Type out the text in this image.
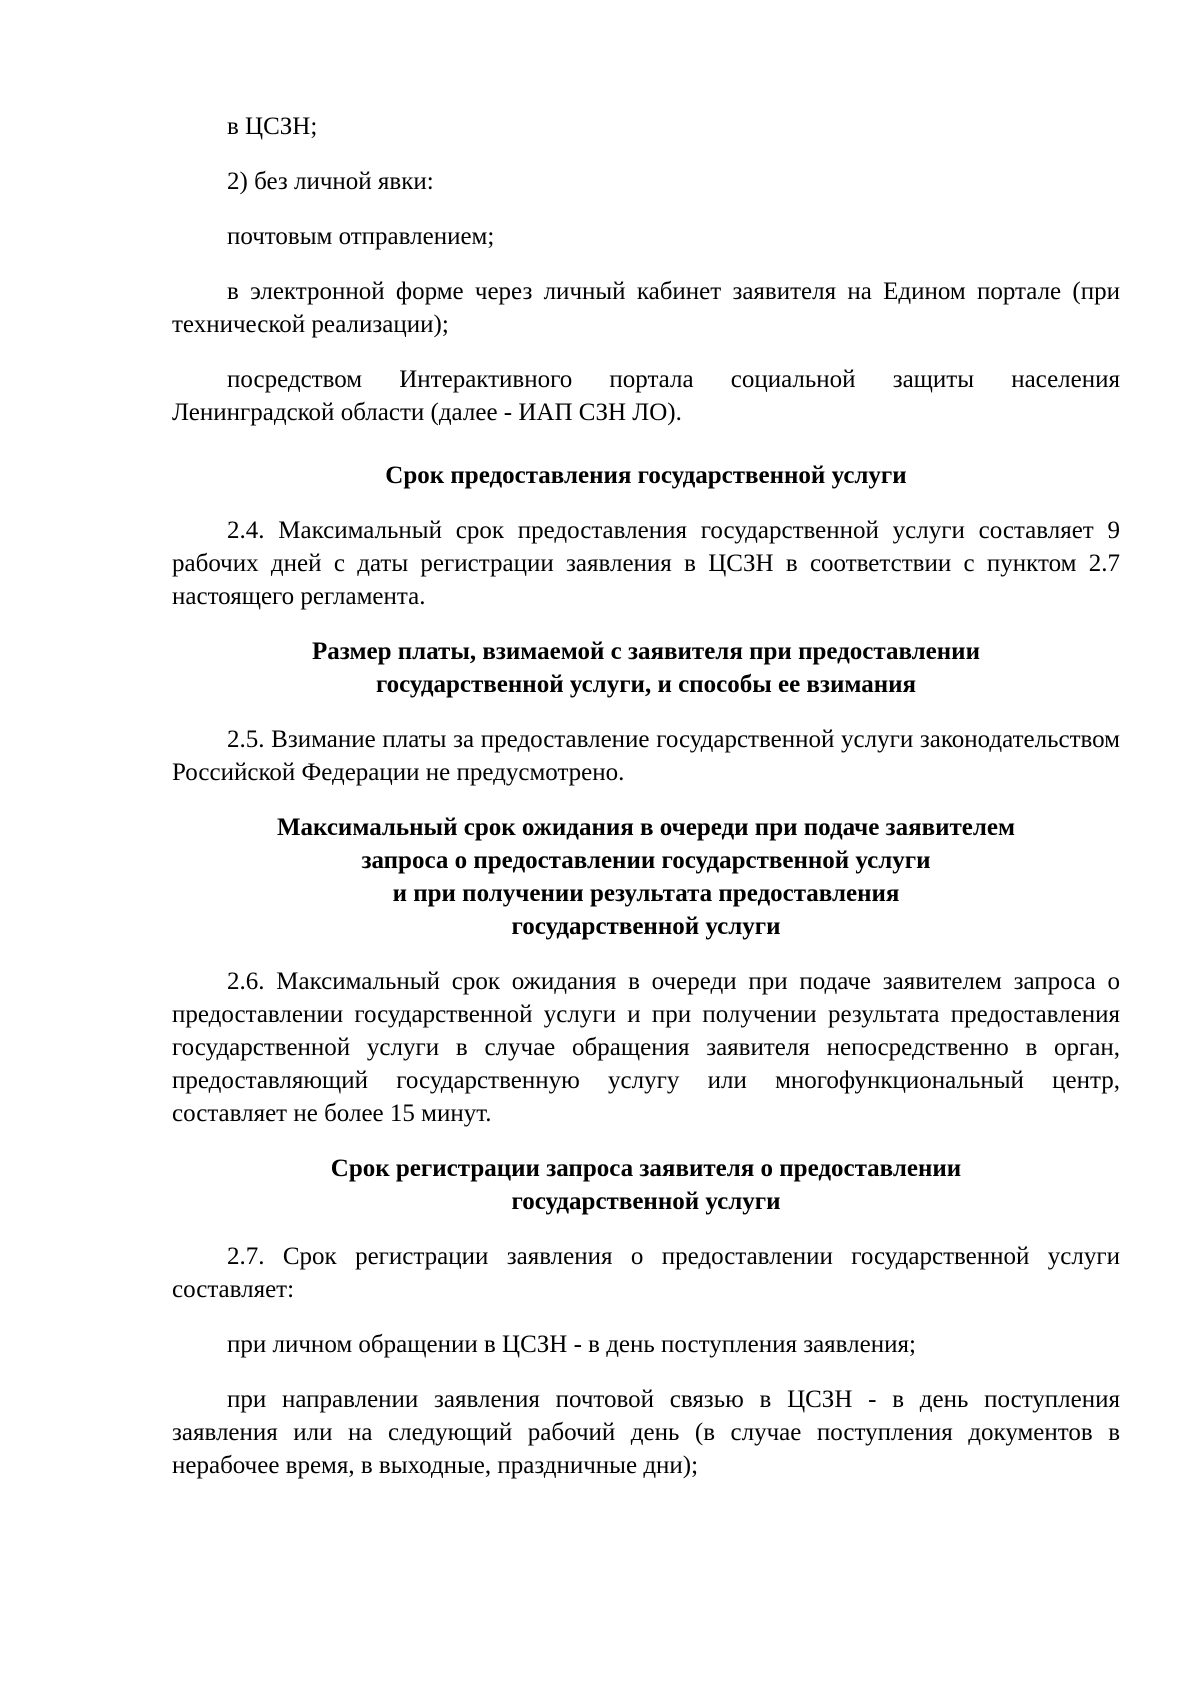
в ЦСЗН;

2) без личной явки:

почтовым отправлением;

в электронной форме через личный кабинет заявителя на Едином портале (при технической реализации);

посредством Интерактивного портала социальной защиты населения Ленинградской области (далее - ИАП СЗН ЛО).

Срок предоставления государственной услуги

2.4. Максимальный срок предоставления государственной услуги составляет 9 рабочих дней с даты регистрации заявления в ЦСЗН в соответствии с пунктом 2.7 настоящего регламента.

Размер платы, взимаемой с заявителя при предоставлении
государственной услуги, и способы ее взимания

2.5. Взимание платы за предоставление государственной услуги законодательством Российской Федерации не предусмотрено.

Максимальный срок ожидания в очереди при подаче заявителем
запроса о предоставлении государственной услуги
и при получении результата предоставления
государственной услуги

2.6. Максимальный срок ожидания в очереди при подаче заявителем запроса о предоставлении государственной услуги и при получении результата предоставления государственной услуги в случае обращения заявителя непосредственно в орган, предоставляющий государственную услугу или многофункциональный центр, составляет не более 15 минут.

Срок регистрации запроса заявителя о предоставлении
государственной услуги

2.7. Срок регистрации заявления о предоставлении государственной услуги составляет:

при личном обращении в ЦСЗН - в день поступления заявления;

при направлении заявления почтовой связью в ЦСЗН - в день поступления заявления или на следующий рабочий день (в случае поступления документов в нерабочее время, в выходные, праздничные дни);
